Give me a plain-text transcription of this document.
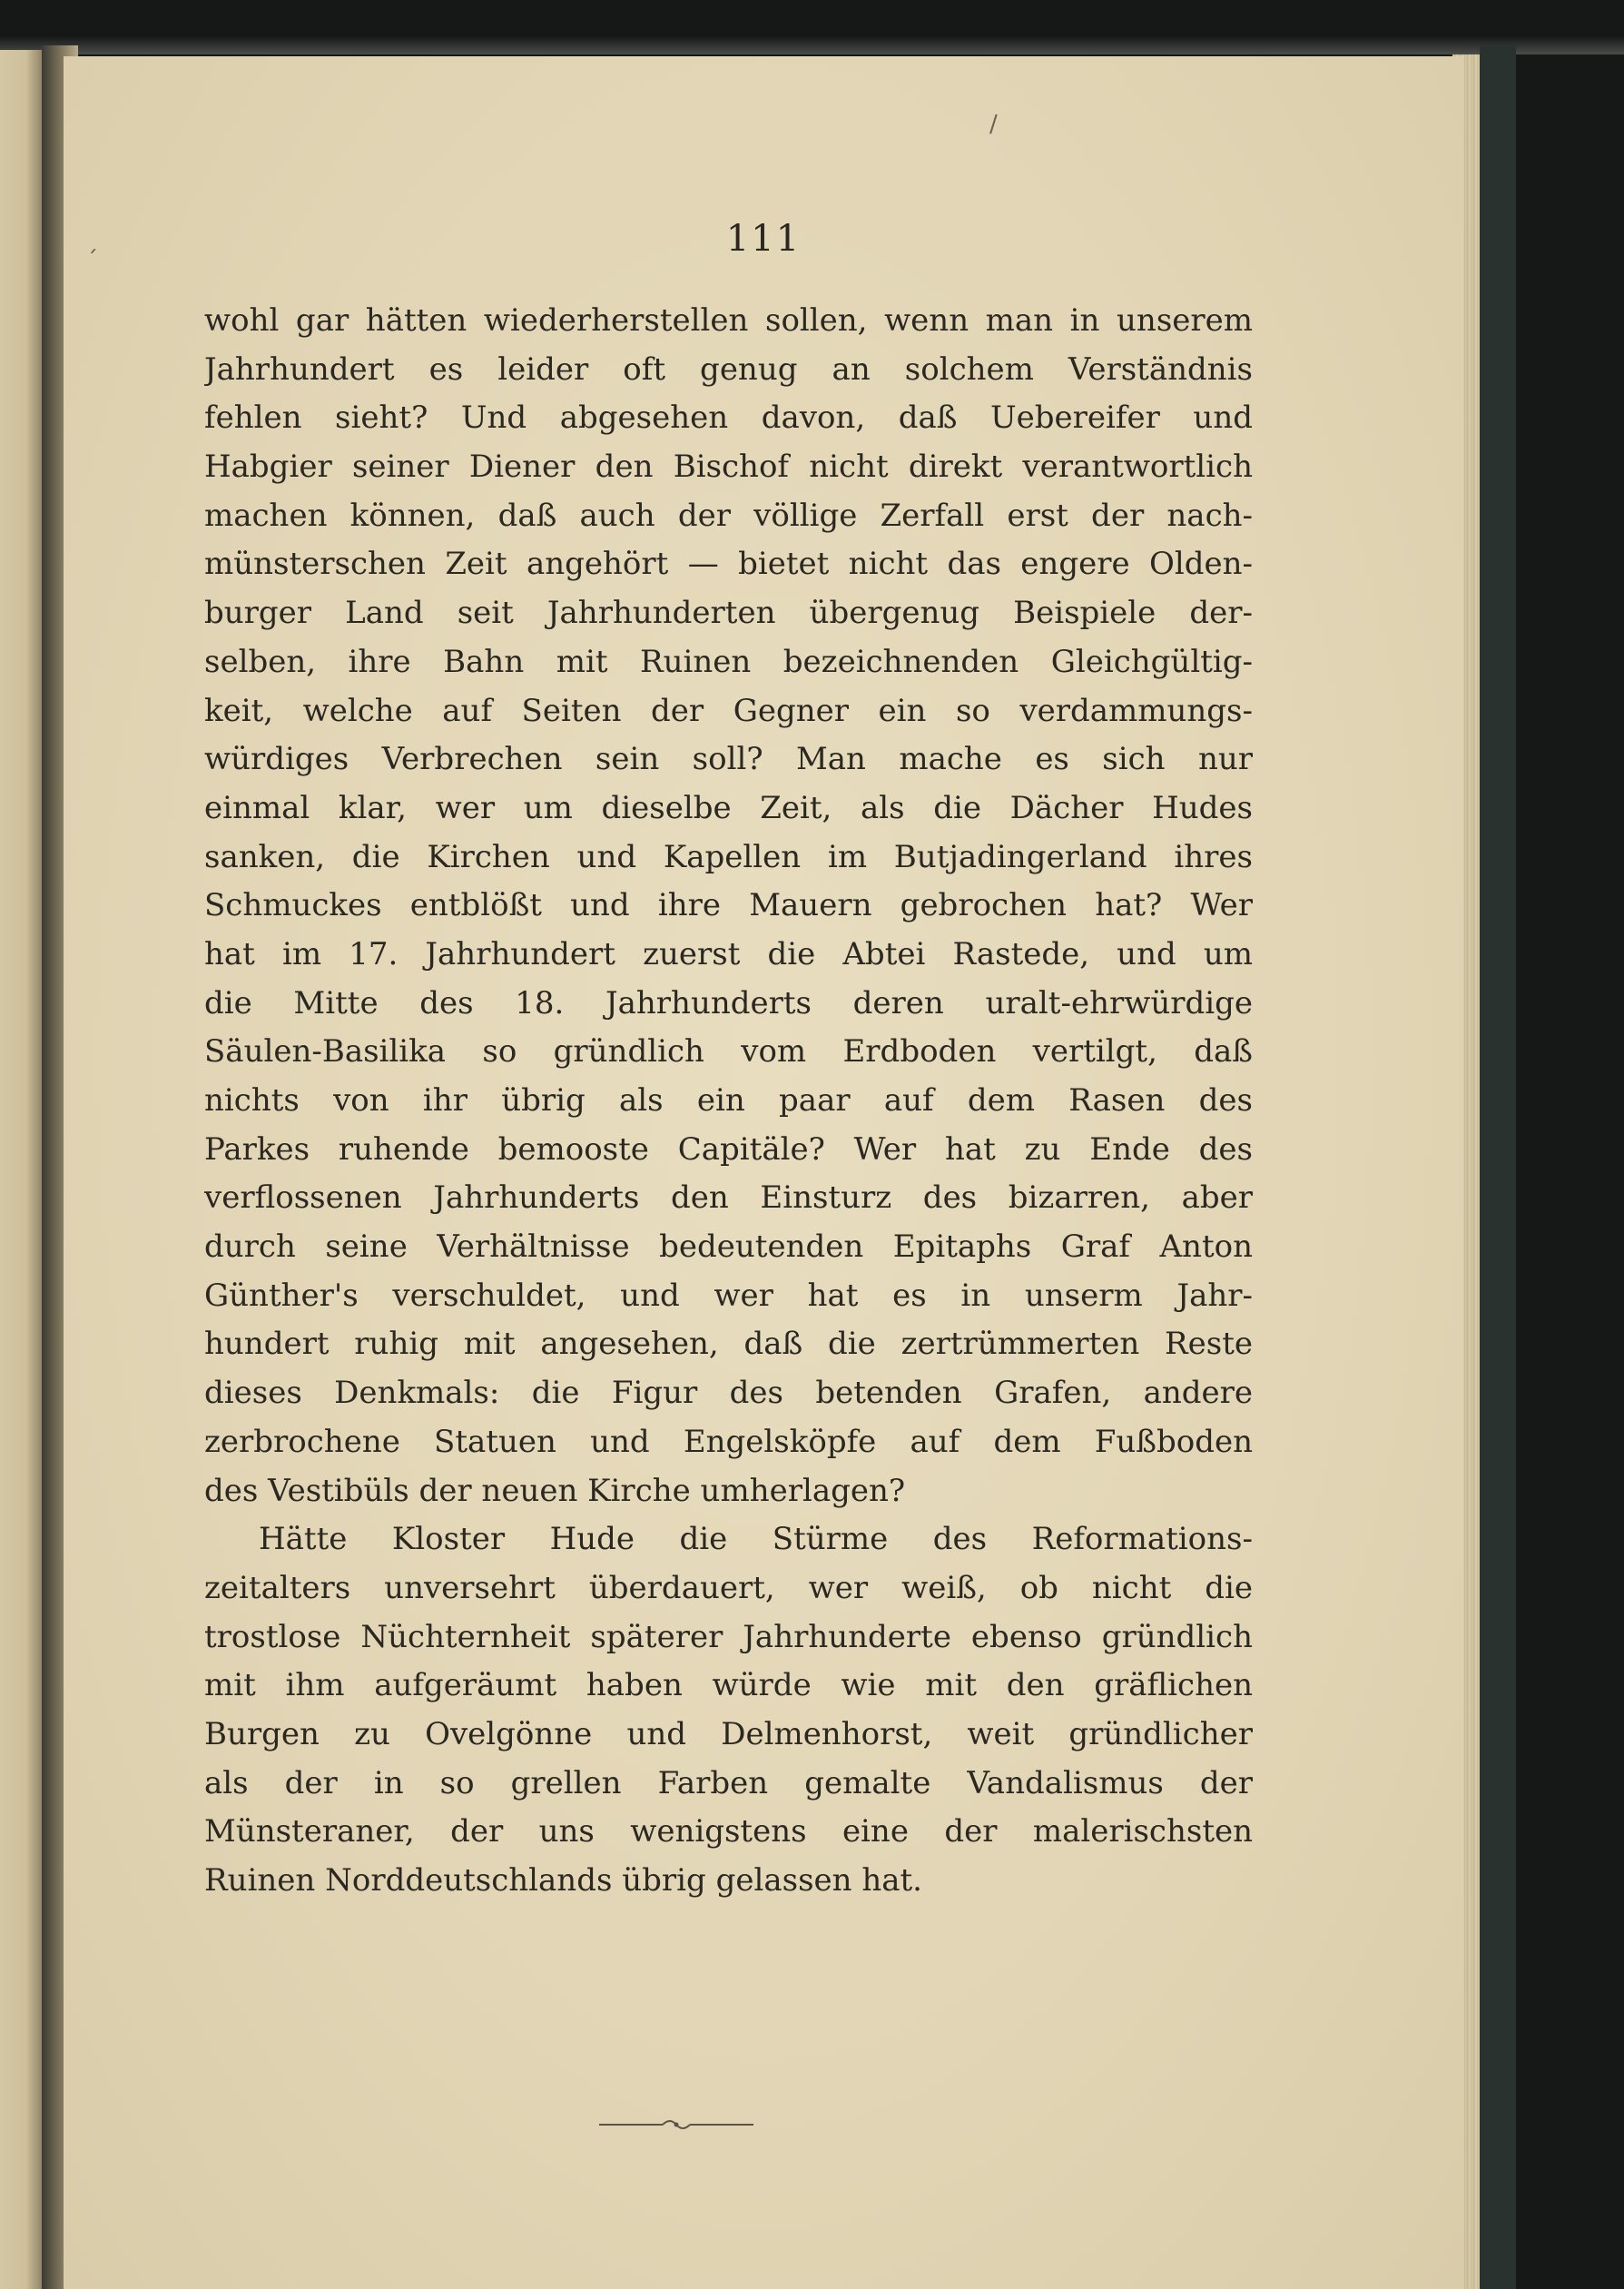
ˏ
/
111
wohl gar hätten wiederherstellen sollen, wenn man in unserem
Jahrhundert es leider oft genug an solchem Verständnis
fehlen sieht? Und abgesehen davon, daß Uebereifer und
Habgier seiner Diener den Bischof nicht direkt verantwortlich
machen können, daß auch der völlige Zerfall erst der nach-
münsterschen Zeit angehört — bietet nicht das engere Olden-
burger Land seit Jahrhunderten übergenug Beispiele der-
selben, ihre Bahn mit Ruinen bezeichnenden Gleichgültig-
keit, welche auf Seiten der Gegner ein so verdammungs-
würdiges Verbrechen sein soll? Man mache es sich nur
einmal klar, wer um dieselbe Zeit, als die Dächer Hudes
sanken, die Kirchen und Kapellen im Butjadingerland ihres
Schmuckes entblößt und ihre Mauern gebrochen hat? Wer
hat im 17. Jahrhundert zuerst die Abtei Rastede, und um
die Mitte des 18. Jahrhunderts deren uralt-ehrwürdige
Säulen-Basilika so gründlich vom Erdboden vertilgt, daß
nichts von ihr übrig als ein paar auf dem Rasen des
Parkes ruhende bemooste Capitäle? Wer hat zu Ende des
verflossenen Jahrhunderts den Einsturz des bizarren, aber
durch seine Verhältnisse bedeutenden Epitaphs Graf Anton
Günther's verschuldet, und wer hat es in unserm Jahr-
hundert ruhig mit angesehen, daß die zertrümmerten Reste
dieses Denkmals: die Figur des betenden Grafen, andere
zerbrochene Statuen und Engelsköpfe auf dem Fußboden
des Vestibüls der neuen Kirche umherlagen?
Hätte Kloster Hude die Stürme des Reformations-
zeitalters unversehrt überdauert, wer weiß, ob nicht die
trostlose Nüchternheit späterer Jahrhunderte ebenso gründlich
mit ihm aufgeräumt haben würde wie mit den gräflichen
Burgen zu Ovelgönne und Delmenhorst, weit gründlicher
als der in so grellen Farben gemalte Vandalismus der
Münsteraner, der uns wenigstens eine der malerischsten
Ruinen Norddeutschlands übrig gelassen hat.
